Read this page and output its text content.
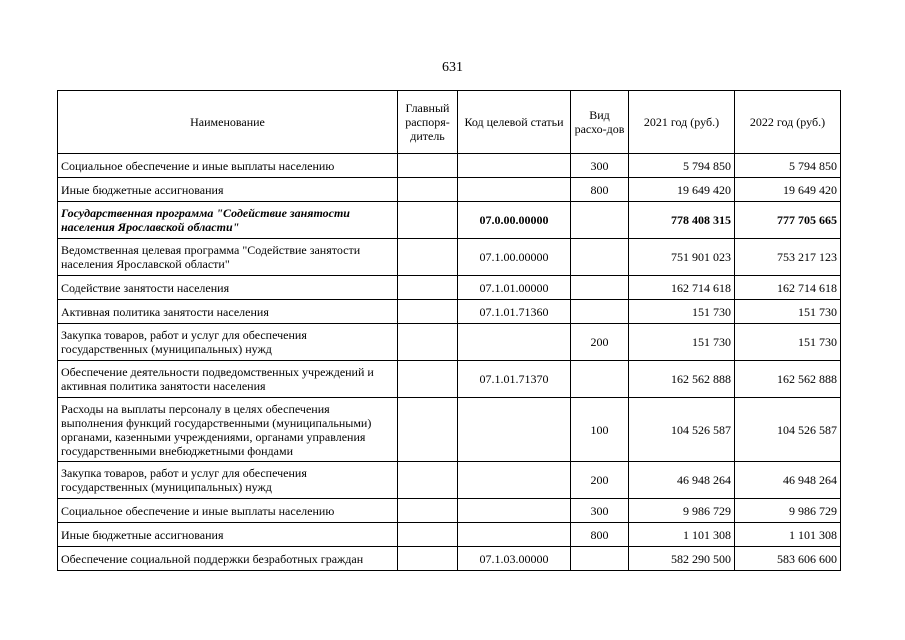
631
Наименование	Главный распоря-дитель	Код целевой статьи	Вид расхо-дов	2021 год (руб.)	2022 год (руб.)
Социальное обеспечение и иные выплаты населению			300	5 794 850	5 794 850
Иные бюджетные ассигнования			800	19 649 420	19 649 420
Государственная программа "Содействие занятости населения Ярославской области"		07.0.00.00000		778 408 315	777 705 665
Ведомственная целевая программа "Содействие занятости населения Ярославской области"		07.1.00.00000		751 901 023	753 217 123
Содействие занятости населения		07.1.01.00000		162 714 618	162 714 618
Активная политика занятости населения		07.1.01.71360		151 730	151 730
Закупка товаров, работ и услуг для обеспечения государственных (муниципальных) нужд			200	151 730	151 730
Обеспечение деятельности подведомственных учреждений и активная политика занятости населения		07.1.01.71370		162 562 888	162 562 888
Расходы на выплаты персоналу в целях обеспечения выполнения функций государственными (муниципальными) органами, казенными учреждениями, органами управления государственными внебюджетными фондами			100	104 526 587	104 526 587
Закупка товаров, работ и услуг для обеспечения государственных (муниципальных) нужд			200	46 948 264	46 948 264
Социальное обеспечение и иные выплаты населению			300	9 986 729	9 986 729
Иные бюджетные ассигнования			800	1 101 308	1 101 308
Обеспечение социальной поддержки безработных граждан		07.1.03.00000		582 290 500	583 606 600
